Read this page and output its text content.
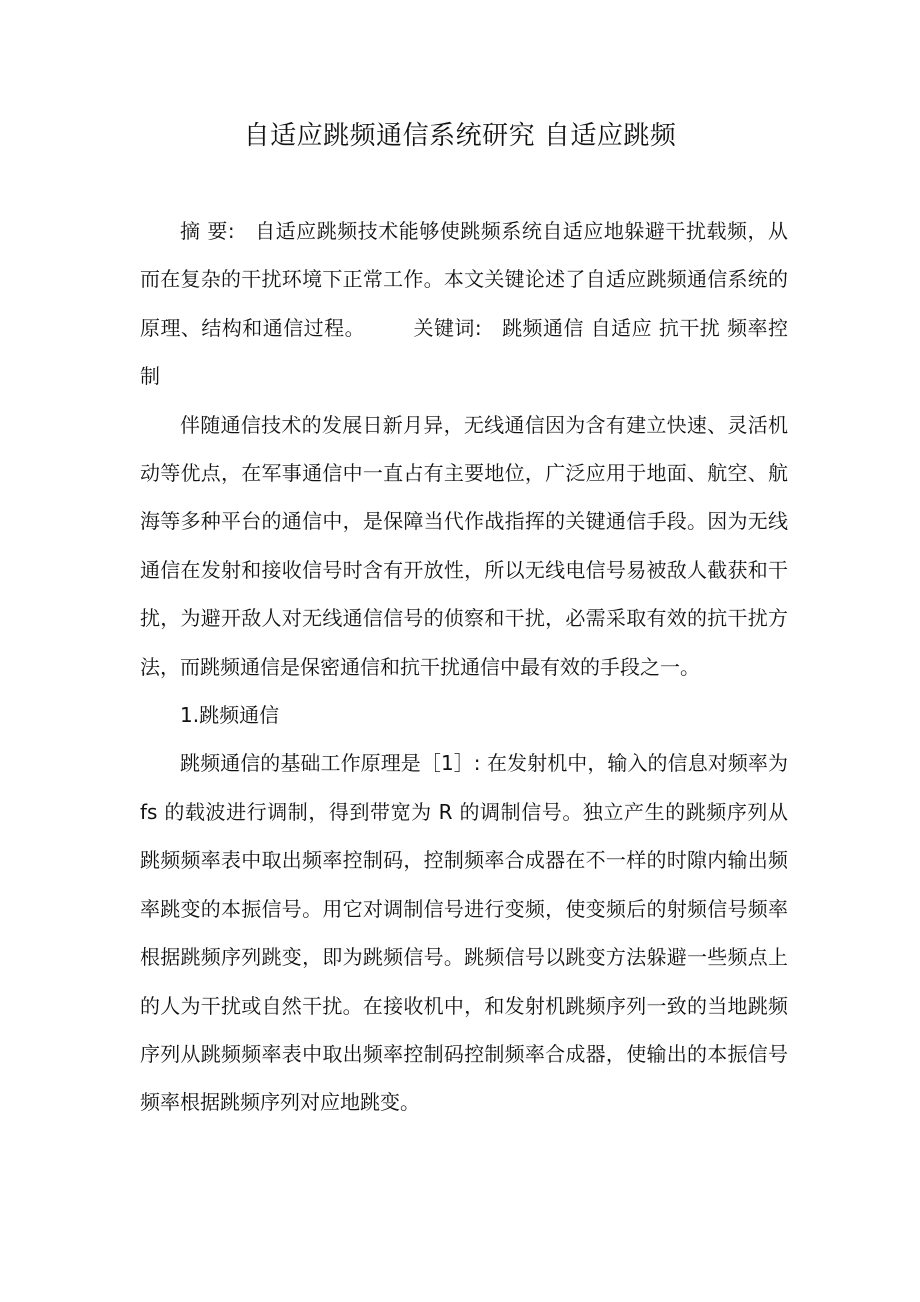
自适应跳频通信系统研究 自适应跳频

摘 要: 自适应跳频技术能够使跳频系统自适应地躲避干扰载频，从而在复杂的干扰环境下正常工作。本文关键论述了自适应跳频通信系统的原理、结构和通信过程。 关键词: 跳频通信 自适应 抗干扰 频率控制

伴随通信技术的发展日新月异，无线通信因为含有建立快速、灵活机动等优点，在军事通信中一直占有主要地位，广泛应用于地面、航空、航海等多种平台的通信中，是保障当代作战指挥的关键通信手段。因为无线通信在发射和接收信号时含有开放性，所以无线电信号易被敌人截获和干扰，为避开敌人对无线通信信号的侦察和干扰，必需采取有效的抗干扰方法，而跳频通信是保密通信和抗干扰通信中最有效的手段之一。

1.跳频通信

跳频通信的基础工作原理是［1］: 在发射机中，输入的信息对频率为 fs 的载波进行调制，得到带宽为 R 的调制信号。独立产生的跳频序列从跳频频率表中取出频率控制码，控制频率合成器在不一样的时隙内输出频率跳变的本振信号。用它对调制信号进行变频，使变频后的射频信号频率根据跳频序列跳变，即为跳频信号。跳频信号以跳变方法躲避一些频点上的人为干扰或自然干扰。在接收机中，和发射机跳频序列一致的当地跳频序列从跳频频率表中取出频率控制码控制频率合成器，使输出的本振信号频率根据跳频序列对应地跳变。
